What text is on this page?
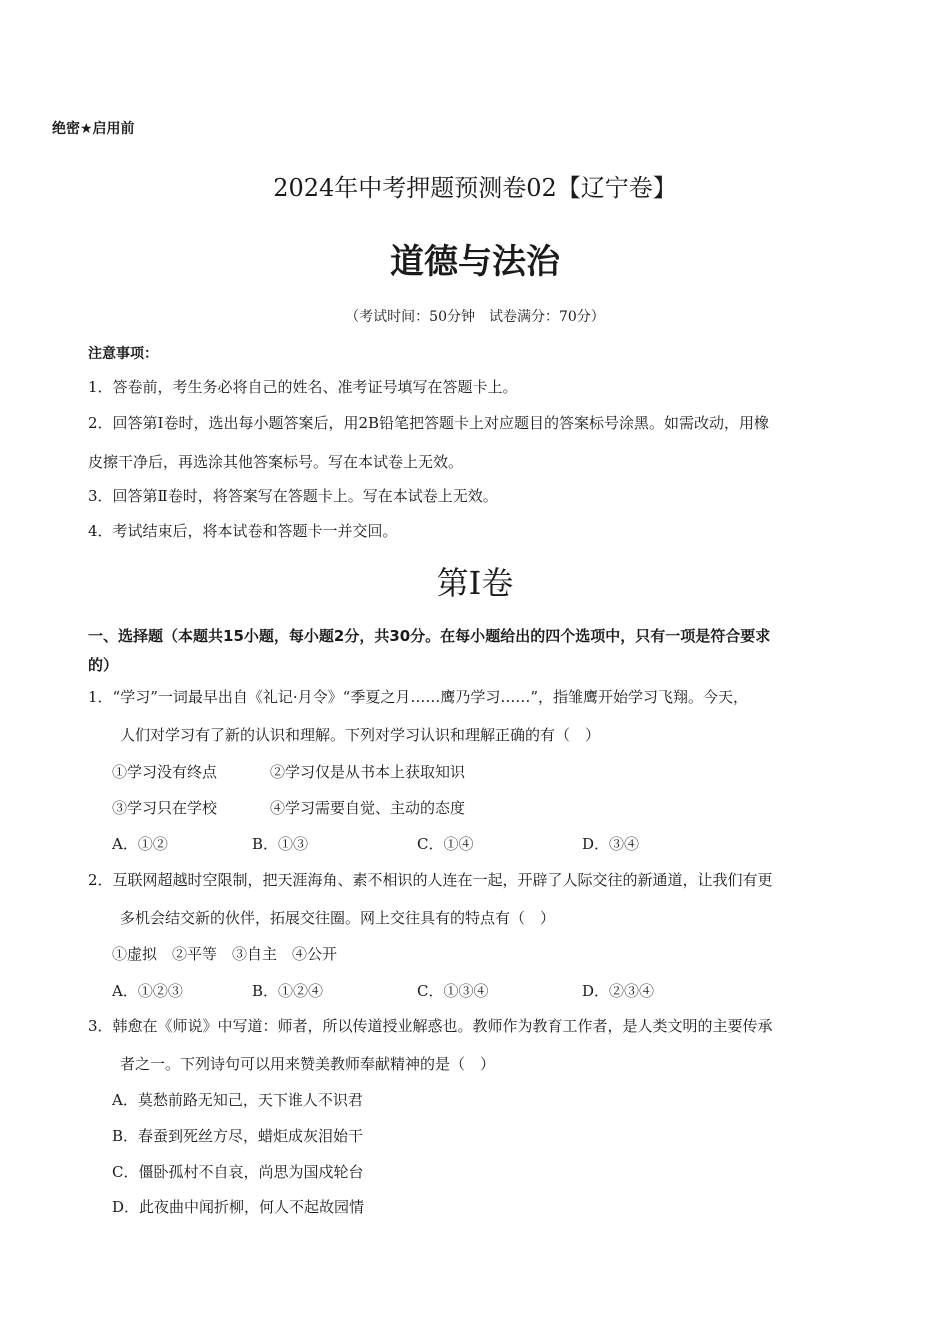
绝密★启用前
2024年中考押题预测卷02【辽宁卷】
道德与法治
（考试时间：50分钟　试卷满分：70分）
注意事项：
1．答卷前，考生务必将自己的姓名、准考证号填写在答题卡上。
2．回答第Ⅰ卷时，选出每小题答案后，用2B铅笔把答题卡上对应题目的答案标号涂黑。如需改动，用橡
皮擦干净后，再选涂其他答案标号。写在本试卷上无效。
3．回答第Ⅱ卷时，将答案写在答题卡上。写在本试卷上无效。
4．考试结束后，将本试卷和答题卡一并交回。
第Ⅰ卷
一、选择题（本题共15小题，每小题2分，共30分。在每小题给出的四个选项中，只有一项是符合要求
的）
1．“学习”一词最早出自《礼记·月令》“季夏之月……鹰乃学习……”，指雏鹰开始学习飞翔。今天，
人们对学习有了新的认识和理解。下列对学习认识和理解正确的有（　）
①学习没有终点	②学习仅是从书本上获取知识
③学习只在学校	④学习需要自觉、主动的态度
A．①②	B．①③	C．①④	D．③④
2．互联网超越时空限制，把天涯海角、素不相识的人连在一起，开辟了人际交往的新通道，让我们有更
多机会结交新的伙伴，拓展交往圈。网上交往具有的特点有（　）
①虚拟　②平等　③自主　④公开
A．①②③	B．①②④	C．①③④	D．②③④
3．韩愈在《师说》中写道：师者，所以传道授业解惑也。教师作为教育工作者，是人类文明的主要传承
者之一。下列诗句可以用来赞美教师奉献精神的是（　）
A．莫愁前路无知己，天下谁人不识君
B．春蚕到死丝方尽，蜡炬成灰泪始干
C．僵卧孤村不自哀，尚思为国戍轮台
D．此夜曲中闻折柳，何人不起故园情
